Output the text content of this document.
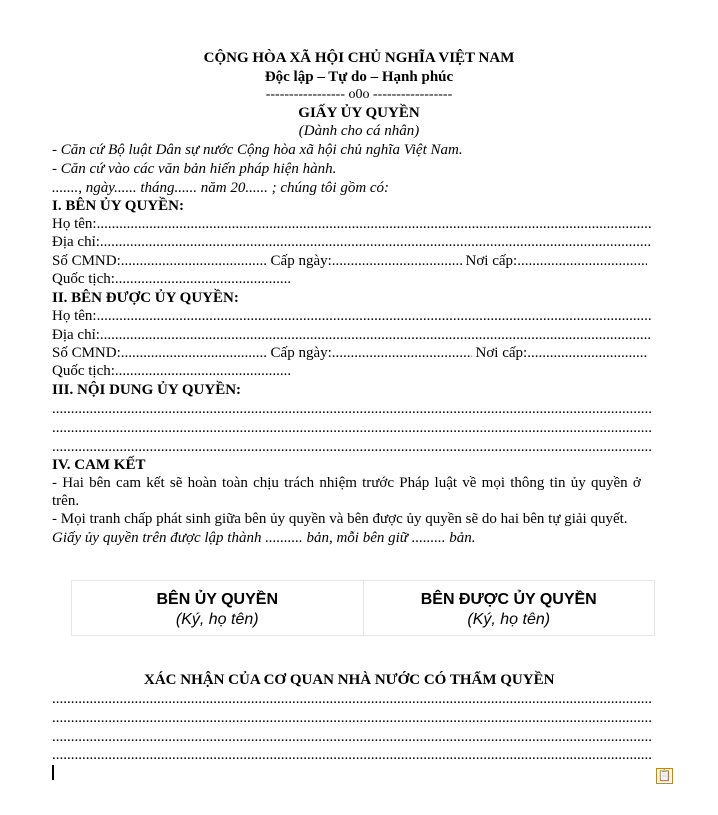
CỘNG HÒA XÃ HỘI CHỦ NGHĨA VIỆT NAM
Độc lập – Tự do – Hạnh phúc
----------------- o0o -----------------
GIẤY ỦY QUYỀN
(Dành cho cá nhân)
- Căn cứ Bộ luật Dân sự nước Cộng hòa xã hội chủ nghĩa Việt Nam.
- Căn cứ vào các văn bản hiến pháp hiện hành.
......., ngày...... tháng...... năm 20...... ; chúng tôi gồm có:
I. BÊN ỦY QUYỀN:
Họ tên:.....
Địa chỉ:.....
Số CMND: .....	Cấp ngày: .....	Nơi cấp:.....
Quốc tịch:.....
II. BÊN ĐƯỢC ỦY QUYỀN:
Họ tên:.....
Địa chỉ:.....
Số CMND: .....	Cấp ngày: .....	Nơi cấp:.....
Quốc tịch:.....
III. NỘI DUNG ỦY QUYỀN:
.....
.....
.....
IV. CAM KẾT
- Hai bên cam kết sẽ hoàn toàn chịu trách nhiệm trước Pháp luật về mọi thông tin ủy quyền ở
trên.
- Mọi tranh chấp phát sinh giữa bên ủy quyền và bên được ủy quyền sẽ do hai bên tự giải quyết.
Giấy ủy quyền trên được lập thành .......... bản, mỗi bên giữ ......... bản.
BÊN ỦY QUYỀN
(Ký, họ tên)
BÊN ĐƯỢC ỦY QUYỀN
(Ký, họ tên)
XÁC NHẬN CỦA CƠ QUAN NHÀ NƯỚC CÓ THẨM QUYỀN
.....
.....
.....
.....
📋
